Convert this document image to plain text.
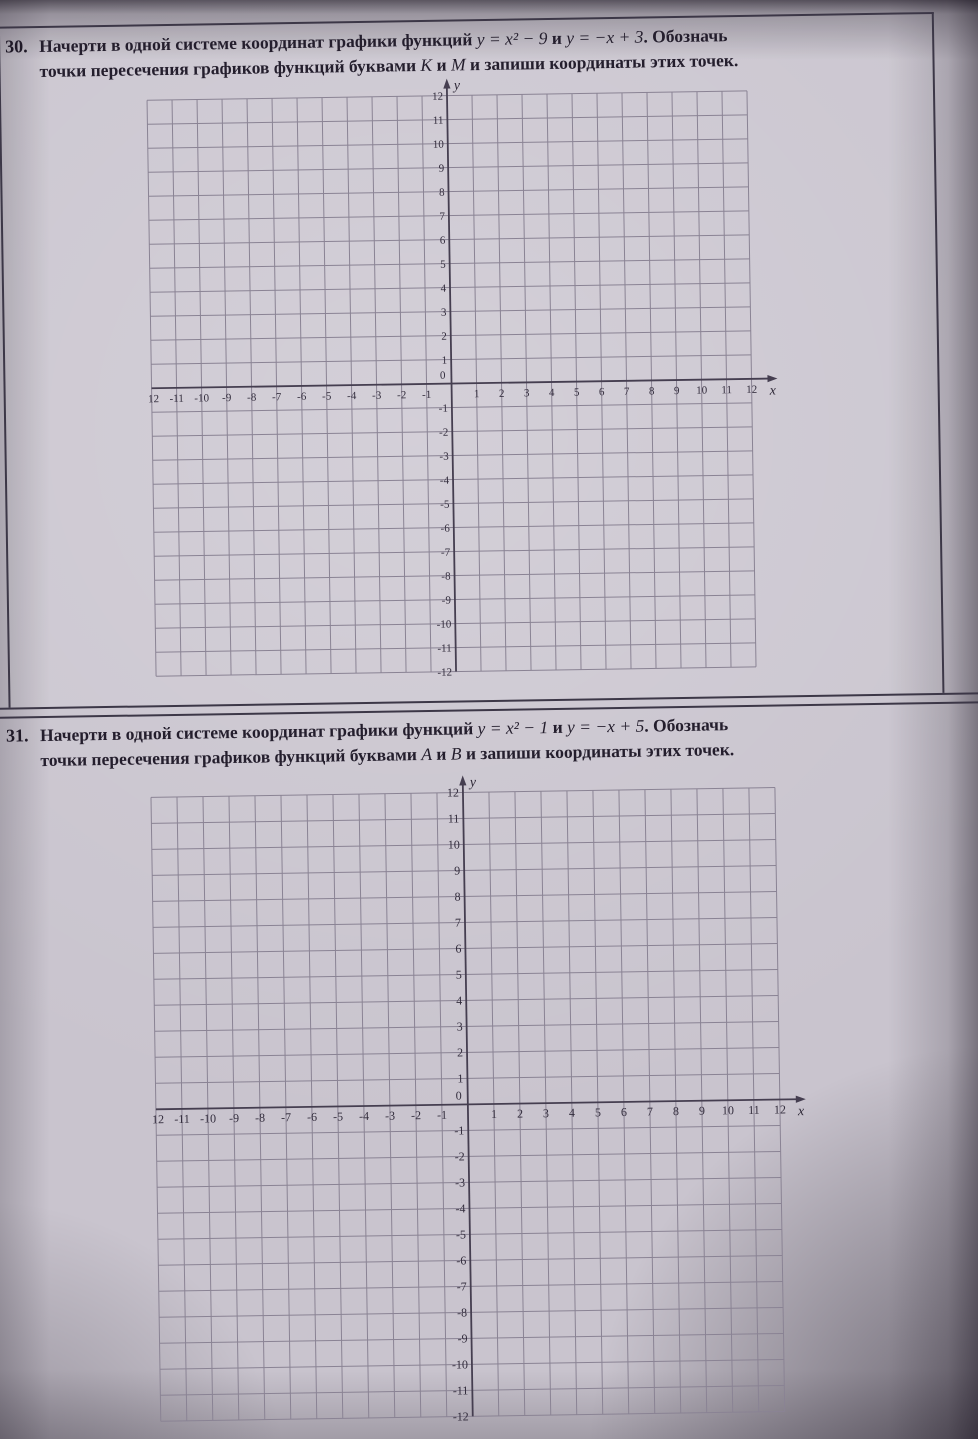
30. Начерти в одной системе координат графики функций y = x² − 9 и y = −x + 3. Обозначь
точки пересечения графиков функций буквами K и M и запиши координаты этих точек.

-12 -11 -10 -9 -8 -7 -6 -5 -4 -3 -2 -1	1 2 3 4 5 6 7 8 9 10 11 12
12
11
10
9
8
7
6
5
4
3
2
1
-1
-2
-3
-4
-5
-6
-7
-8
-9
-10
-11
-12
0
y
x
31. Начерти в одной системе координат графики функций y = x² − 1 и y = −x + 5. Обозначь
точки пересечения графиков функций буквами A и B и запиши координаты этих точек.

-12 -11 -10 -9 -8 -7 -6 -5 -4 -3 -2 -1	1 2 3 4 5 6 7 8 9 10 11 12
12
11
10
9
8
7
6
5
4
3
2
1
-1
-2
-3
-4
-5
-6
-7
-8
-9
-10
-11
-12
0
y
x
